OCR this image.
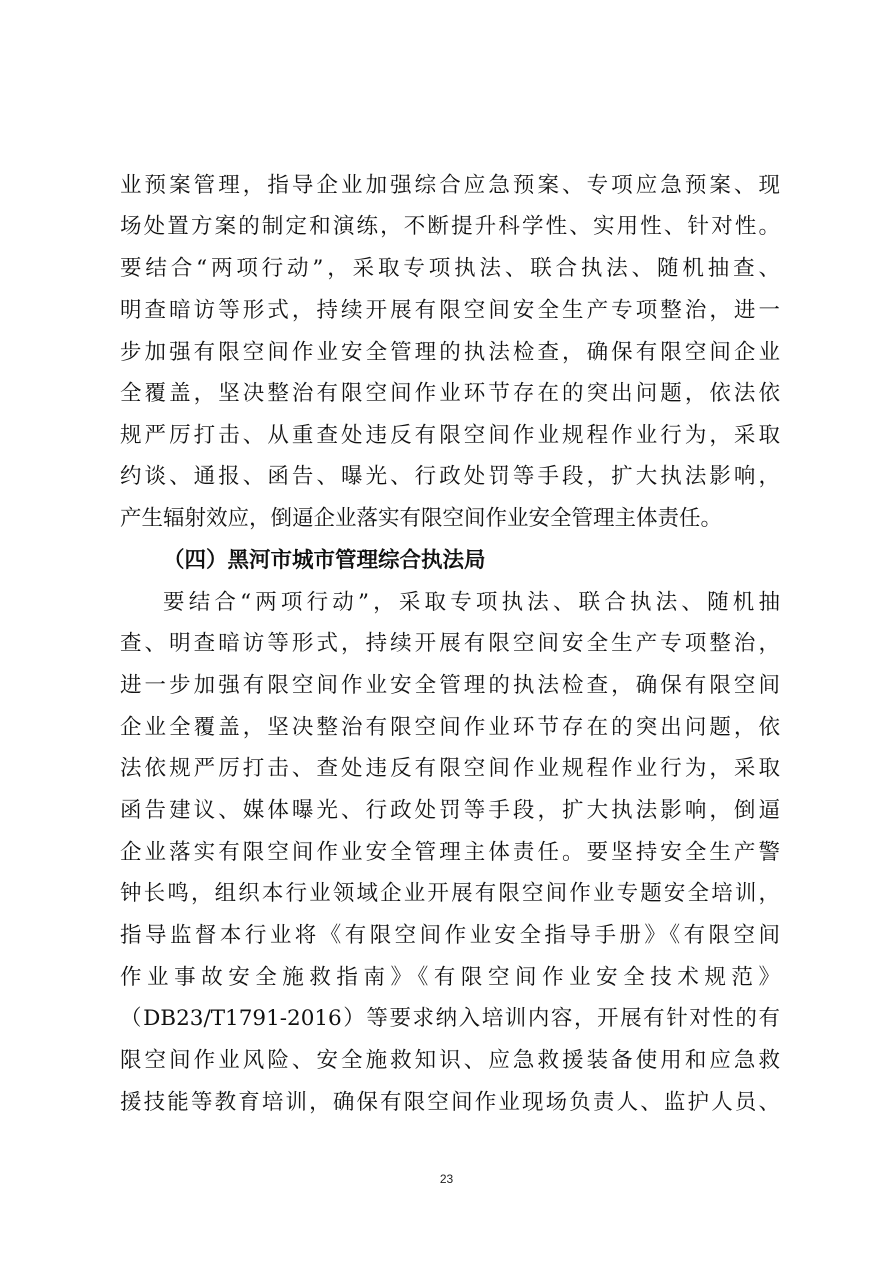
业预案管理，指导企业加强综合应急预案、专项应急预案、现
场处置方案的制定和演练，不断提升科学性、实用性、针对性。
要结合“两项行动”，采取专项执法、联合执法、随机抽查、
明查暗访等形式，持续开展有限空间安全生产专项整治，进一
步加强有限空间作业安全管理的执法检查，确保有限空间企业
全覆盖，坚决整治有限空间作业环节存在的突出问题，依法依
规严厉打击、从重查处违反有限空间作业规程作业行为，采取
约谈、通报、函告、曝光、行政处罚等手段，扩大执法影响，
产生辐射效应，倒逼企业落实有限空间作业安全管理主体责任。
（四）黑河市城市管理综合执法局
要结合“两项行动”，采取专项执法、联合执法、随机抽
查、明查暗访等形式，持续开展有限空间安全生产专项整治，
进一步加强有限空间作业安全管理的执法检查，确保有限空间
企业全覆盖，坚决整治有限空间作业环节存在的突出问题，依
法依规严厉打击、查处违反有限空间作业规程作业行为，采取
函告建议、媒体曝光、行政处罚等手段，扩大执法影响，倒逼
企业落实有限空间作业安全管理主体责任。要坚持安全生产警
钟长鸣，组织本行业领域企业开展有限空间作业专题安全培训，
指导监督本行业将《有限空间作业安全指导手册》《有限空间
作业事故安全施救指南》《有限空间作业安全技术规范》
（DB23/T1791-2016）等要求纳入培训内容，开展有针对性的有
限空间作业风险、安全施救知识、应急救援装备使用和应急救
援技能等教育培训，确保有限空间作业现场负责人、监护人员、
23
